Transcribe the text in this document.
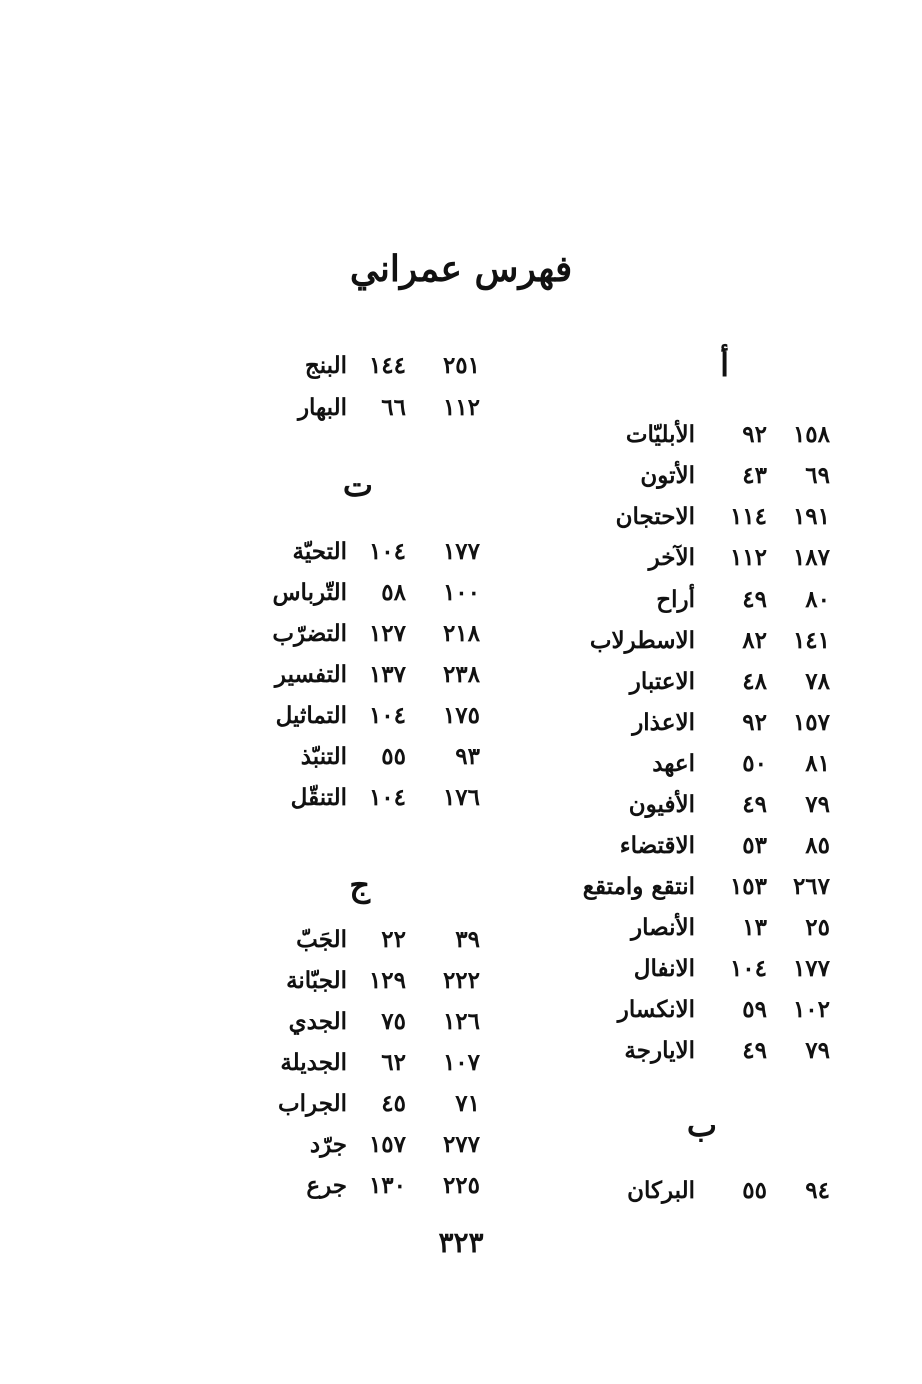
فهرس عمراني
أ
١٥٨
٩٢
الأبليّات
٦٩
٤٣
الأتون
١٩١
١١٤
الاحتجان
١٨٧
١١٢
الآخر
٨٠
٤٩
أراح
١٤١
٨٢
الاسطرلاب
٧٨
٤٨
الاعتبار
١٥٧
٩٢
الاعذار
٨١
٥٠
اعهد
٧٩
٤٩
الأفيون
٨٥
٥٣
الاقتضاء
٢٦٧
١٥٣
انتقع وامتقع
٢٥
١٣
الأنصار
١٧٧
١٠٤
الانفال
١٠٢
٥٩
الانكسار
٧٩
٤٩
الايارجة
ب
٩٤
٥٥
البركان
٢٥١
١٤٤
البنج
١١٢
٦٦
البهار
ت
١٧٧
١٠٤
التحيّة
١٠٠
٥٨
التّرباس
٢١٨
١٢٧
التضرّب
٢٣٨
١٣٧
التفسير
١٧٥
١٠٤
التماثيل
٩٣
٥٥
التنبّذ
١٧٦
١٠٤
التنقّل
ج
٣٩
٢٢
الجَبّ
٢٢٢
١٢٩
الجبّانة
١٢٦
٧٥
الجدي
١٠٧
٦٢
الجديلة
٧١
٤٥
الجراب
٢٧٧
١٥٧
جرّد
٢٢٥
١٣٠
جرع
٣٢٣
